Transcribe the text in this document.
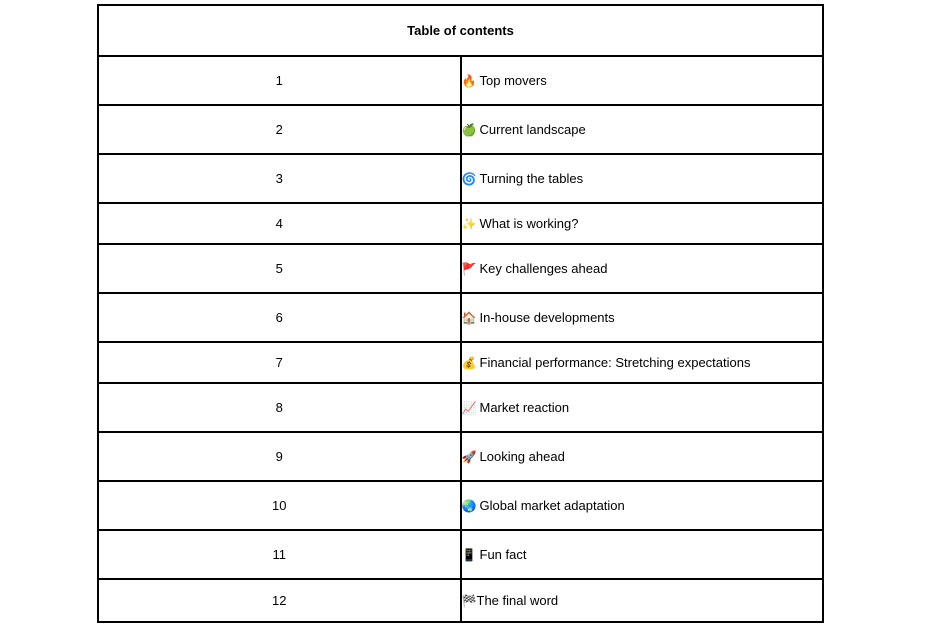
Table of contents	
1	🔥 Top movers
2	🍏 Current landscape
3	🌀 Turning the tables
4	✨ What is working?
5	🚩 Key challenges ahead
6	🏠 In-house developments
7	💰 Financial performance: Stretching expectations
8	📈 Market reaction
9	🚀 Looking ahead
10	🌏 Global market adaptation
11	📱 Fun fact
12	🏁The final word
